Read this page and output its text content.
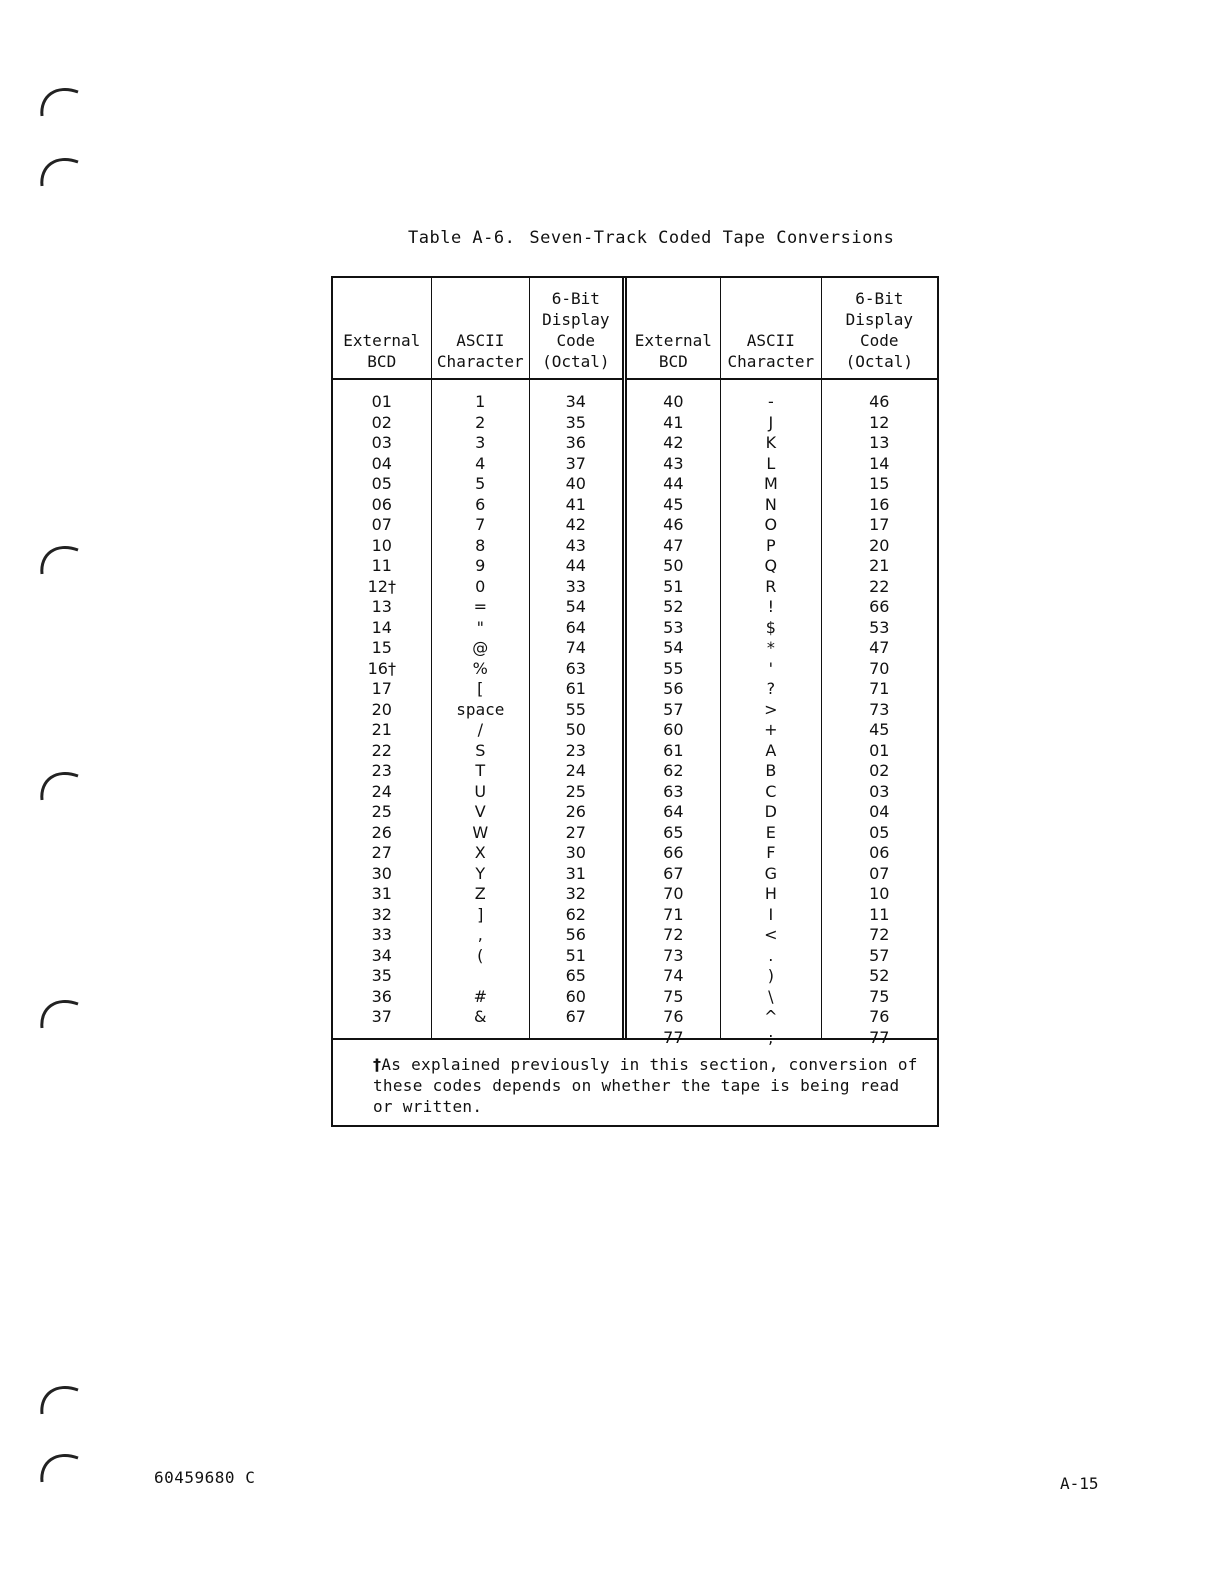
Table A-6. Seven-Track Coded Tape Conversions
External
BCD
01
02
03
04
05
06
07
10
11
12†
13
14
15
16†
17
20
21
22
23
24
25
26
27
30
31
32
33
34
35
36
37
ASCII
Character
1
2
3
4
5
6
7
8
9
0
=
"
@
%
[
space
/
S
T
U
V
W
X
Y
Z
]
,
(
#
&
6-Bit
Display
Code
(Octal)
34
35
36
37
40
41
42
43
44
33
54
64
74
63
61
55
50
23
24
25
26
27
30
31
32
62
56
51
65
60
67
External
BCD
40
41
42
43
44
45
46
47
50
51
52
53
54
55
56
57
60
61
62
63
64
65
66
67
70
71
72
73
74
75
76
77
ASCII
Character
-
J
K
L
M
N
O
P
Q
R
!
$
*
'
?
>
+
A
B
C
D
E
F
G
H
I
<
.
)
\
^
;
6-Bit
Display
Code
(Octal)
46
12
13
14
15
16
17
20
21
22
66
53
47
70
71
73
45
01
02
03
04
05
06
07
10
11
72
57
52
75
76
77
†As explained previously in this section, conversion of these codes depends on whether the tape is being read or written.
60459680 C	A-15
